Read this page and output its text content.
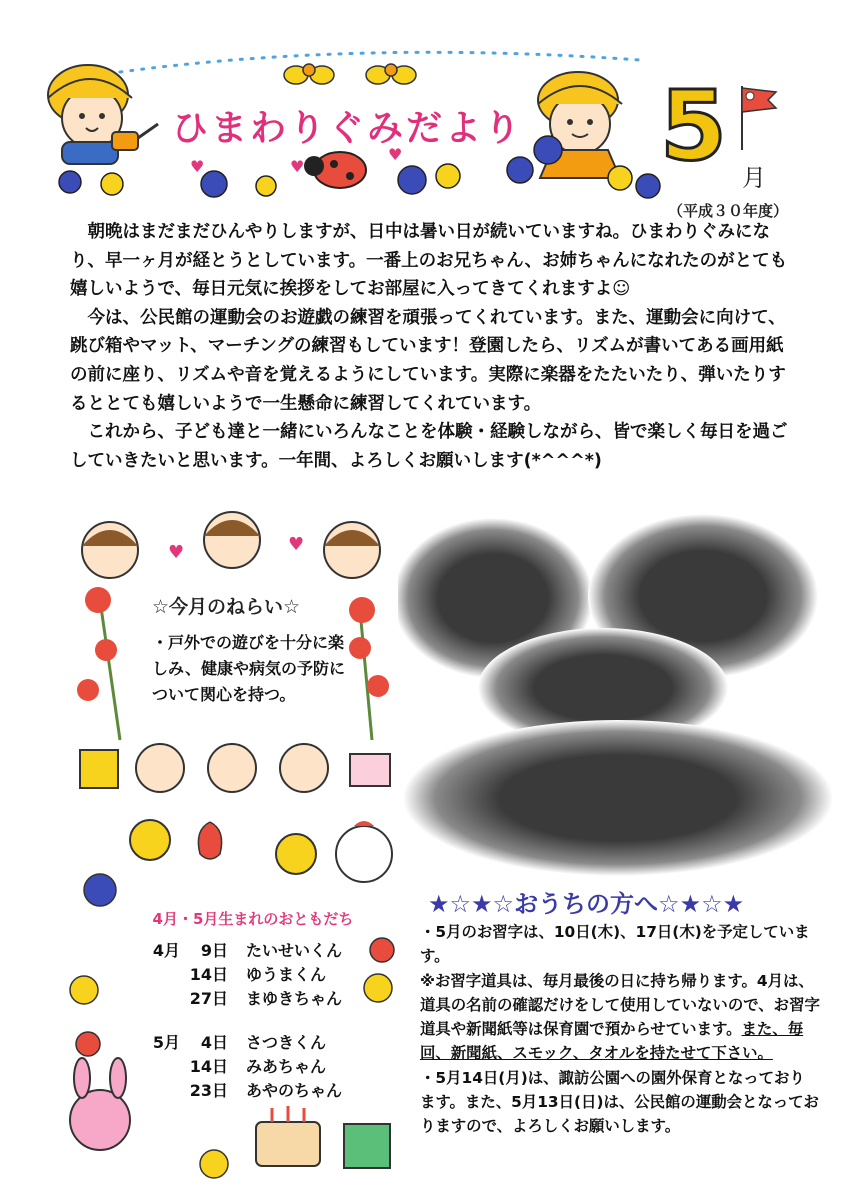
♥	♥
♥
ひまわりぐみだより 5 月
（平成３０年度）

　朝晩はまだまだひんやりしますが、日中は暑い日が続いていますね。ひまわりぐみになり、早一ヶ月が経とうとしています。一番上のお兄ちゃん、お姉ちゃんになれたのがとても嬉しいようで、毎日元気に挨拶をしてお部屋に入ってきてくれますよ☺

　今は、公民館の運動会のお遊戯の練習を頑張ってくれています。また、運動会に向けて、跳び箱やマット、マーチングの練習もしています！登園したら、リズムが書いてある画用紙の前に座り、リズムや音を覚えるようにしています。実際に楽器をたたいたり、弾いたりするととても嬉しいようで一生懸命に練習してくれています。

　これから、子ども達と一緒にいろんなことを体験・経験しながら、皆で楽しく毎日を過ごしていきたいと思います。一年間、よろしくお願いします(*^^^*)

♥	♥
☆今月のねらい☆
・戸外での遊びを十分に楽しみ、健康や病気の予防について関心を持つ。
4月・5月生まれのおともだち
4月 9日 たいせいくん
14日 ゆうまくん
27日 まゆきちゃん
5月 4日 さつきくん
14日 みあちゃん
23日 あやのちゃん
★☆★☆おうちの方へ☆★☆★

・5月のお習字は、10日(木)、17日(木)を予定しています。

※お習字道具は、毎月最後の日に持ち帰ります。4月は、道具の名前の確認だけをして使用していないので、お習字道具や新聞紙等は保育園で預からせています。また、毎回、新聞紙、スモック、タオルを持たせて下さい。

・5月14日(月)は、諏訪公園への園外保育となっております。また、5月13日(日)は、公民館の運動会となっておりますので、よろしくお願いします。
